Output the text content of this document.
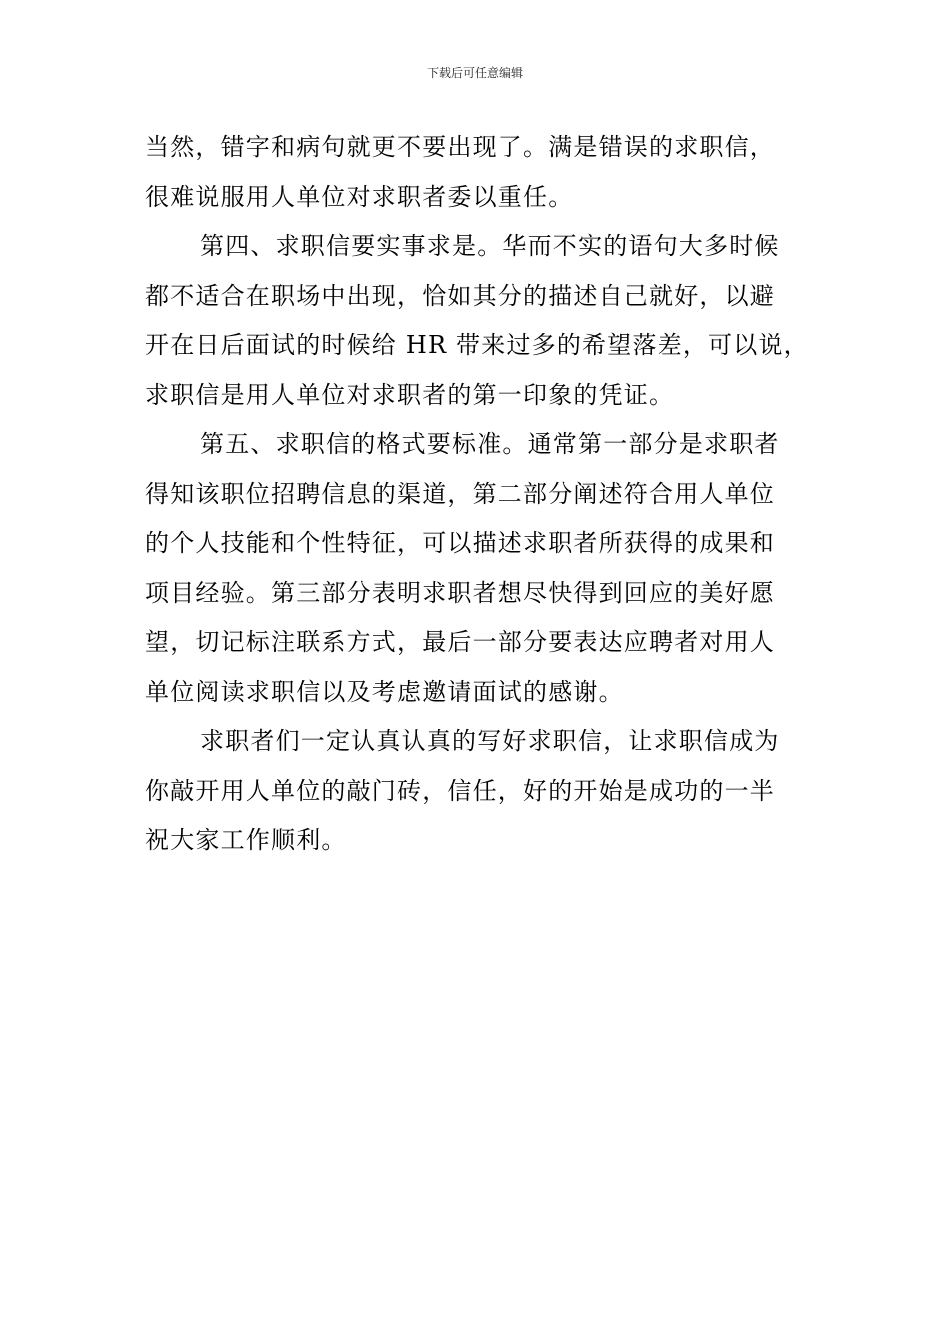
下载后可任意编辑
当然，错字和病句就更不要出现了。满是错误的求职信，
很难说服用人单位对求职者委以重任。
第四、求职信要实事求是。华而不实的语句大多时候
都不适合在职场中出现，恰如其分的描述自己就好，以避
开在日后面试的时候给 HR 带来过多的希望落差，可以说，
求职信是用人单位对求职者的第一印象的凭证。
第五、求职信的格式要标准。通常第一部分是求职者
得知该职位招聘信息的渠道，第二部分阐述符合用人单位
的个人技能和个性特征，可以描述求职者所获得的成果和
项目经验。第三部分表明求职者想尽快得到回应的美好愿
望，切记标注联系方式，最后一部分要表达应聘者对用人
单位阅读求职信以及考虑邀请面试的感谢。
求职者们一定认真认真的写好求职信，让求职信成为
你敲开用人单位的敲门砖，信任，好的开始是成功的一半
祝大家工作顺利。
